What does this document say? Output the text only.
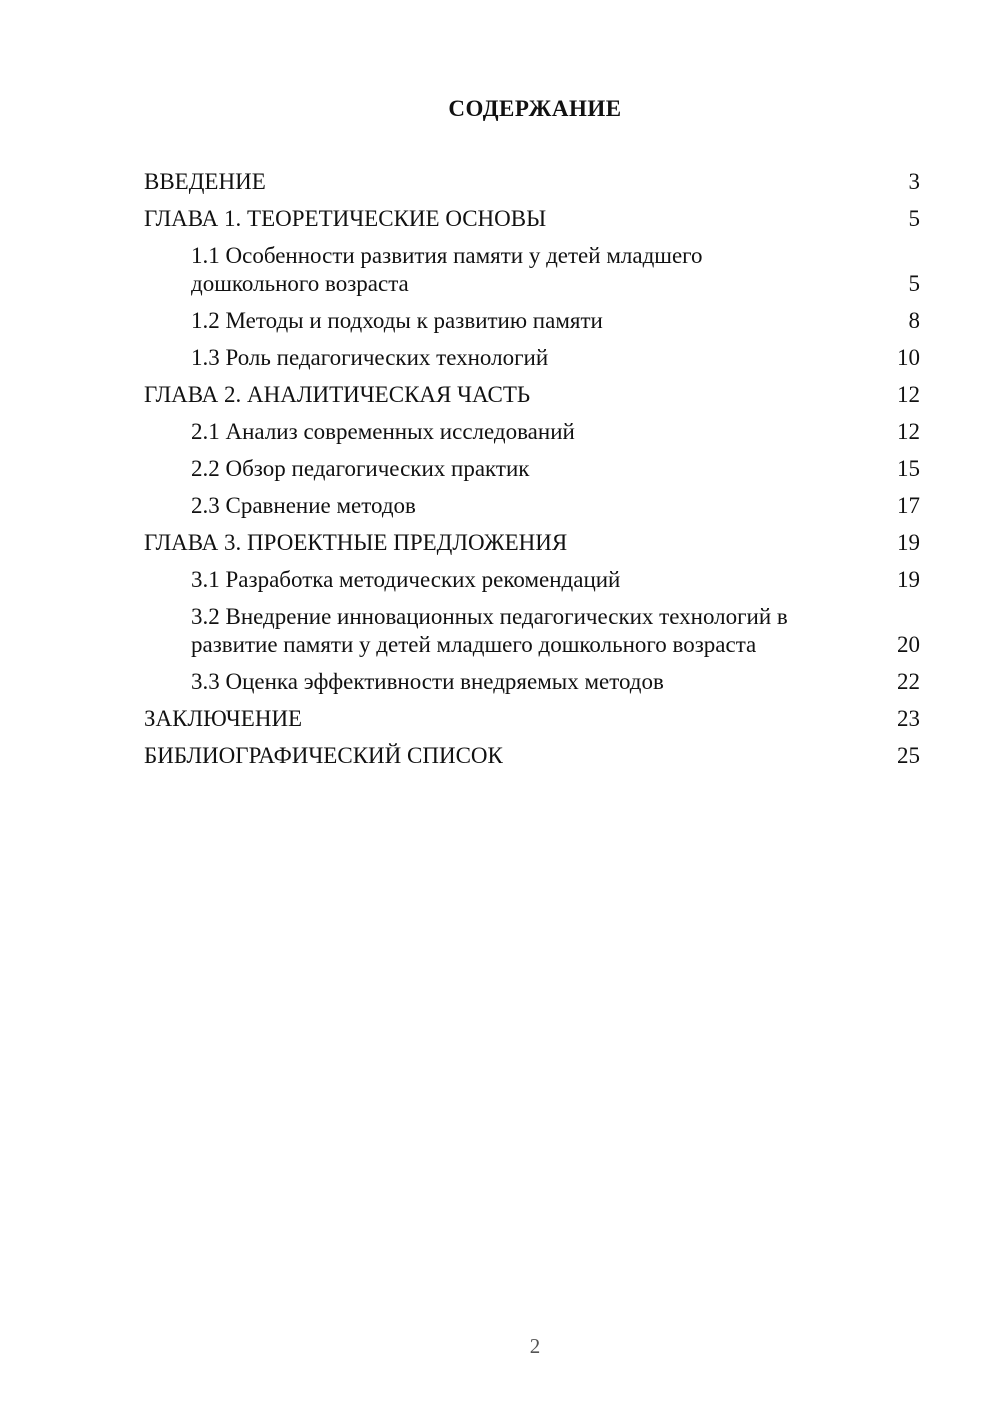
СОДЕРЖАНИЕ
ВВЕДЕНИЕ	3
ГЛАВА 1. ТЕОРЕТИЧЕСКИЕ ОСНОВЫ	5
1.1 Особенности развития памяти у детей младшего дошкольного возраста	5
1.2 Методы и подходы к развитию памяти	8
1.3 Роль педагогических технологий	10
ГЛАВА 2. АНАЛИТИЧЕСКАЯ ЧАСТЬ	12
2.1 Анализ современных исследований	12
2.2 Обзор педагогических практик	15
2.3 Сравнение методов	17
ГЛАВА 3. ПРОЕКТНЫЕ ПРЕДЛОЖЕНИЯ	19
3.1 Разработка методических рекомендаций	19
3.2 Внедрение инновационных педагогических технологий в развитие памяти у детей младшего дошкольного возраста	20
3.3 Оценка эффективности внедряемых методов	22
ЗАКЛЮЧЕНИЕ	23
БИБЛИОГРАФИЧЕСКИЙ СПИСОК	25
2
